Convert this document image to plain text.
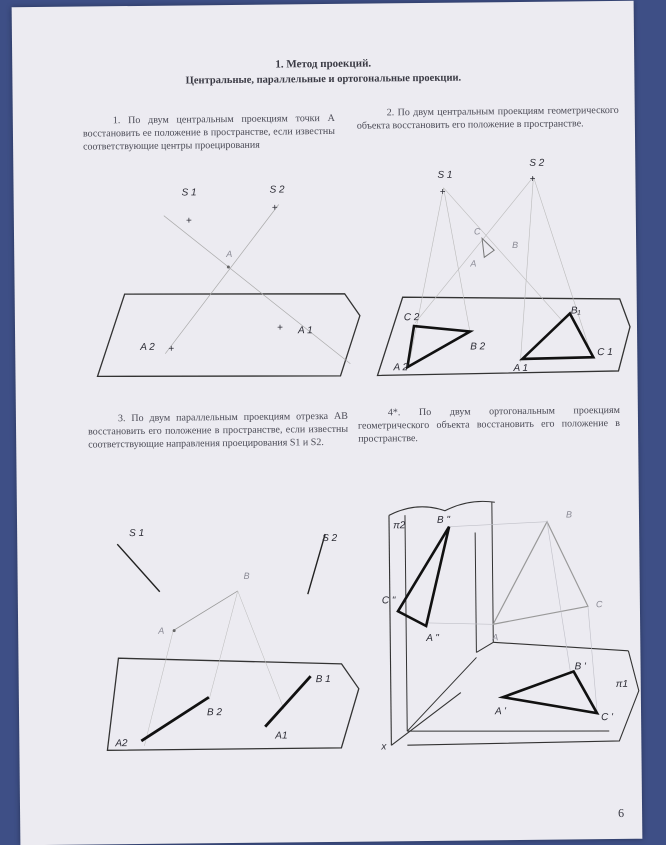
1. Метод проекций.
Центральные, параллельные и ортогональные проекции.
1. По двум центральным проекциям точки А восстановить ее положение в пространстве, если известны соответствующие центры проецирования
2. По двум центральным проекциям геометрического объекта восстановить его положение в пространстве.
3. По двум параллельным проекциям отрезка АВ восстановить его положение в пространстве, если известны соответствующие направления проецирования S1 и S2.
4*. По двум ортогональным проекциям геометрического объекта восстановить его положение в пространстве.
S 1	S 2
+
+
A
+ A 1
A 2 +
S 1
S 2
+
+
C
B
A
C 2
B 2
A 2
B₁
C 1
A 1
S 1	S 2
B
A
A2
B 2
B 1
A1
B
C
A
π2
π1
x
B "
C "
A "
B '
A '
C '
6
